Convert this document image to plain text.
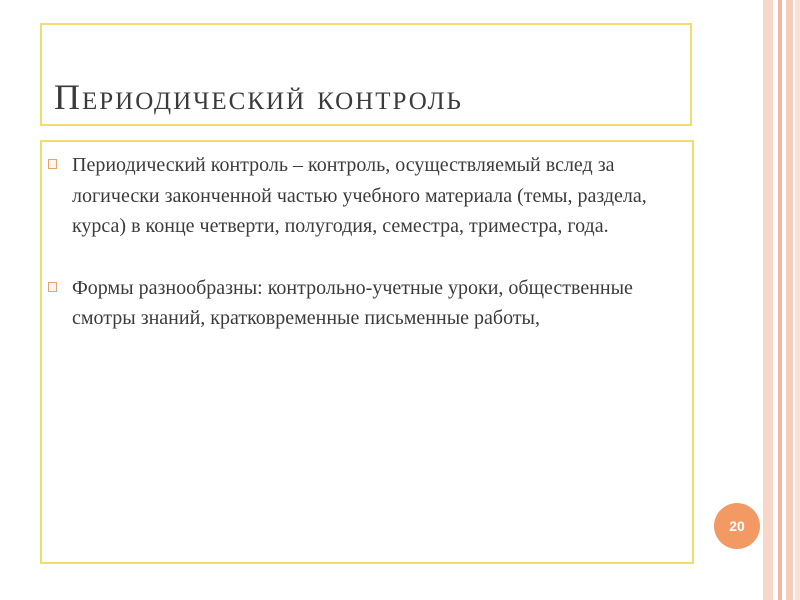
Периодический контроль
Периодический контроль – контроль, осуществляемый вслед за логически законченной частью учебного материала (темы, раздела, курса) в конце четверти, полугодия, семестра, триместра, года.
Формы разнообразны: контрольно-учетные уроки, общественные смотры знаний, кратковременные письменные работы,
20
